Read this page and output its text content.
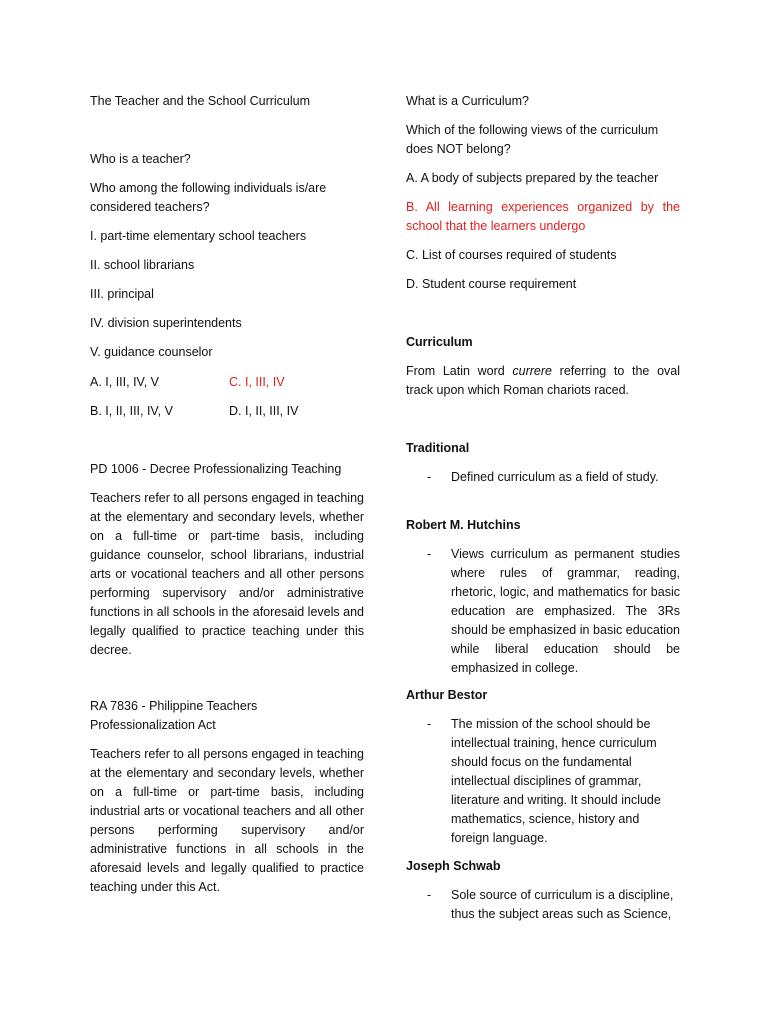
The Teacher and the School Curriculum

Who is a teacher?

Who among the following individuals is/are considered teachers?

I. part-time elementary school teachers

II. school librarians

III. principal

IV. division superintendents

V. guidance counselor

A. I, III, IV, V	C. I, III, IV
B. I, II, III, IV, V	D. I, II, III, IV

PD 1006 - Decree Professionalizing Teaching

Teachers refer to all persons engaged in teaching at the elementary and secondary levels, whether on a full-time or part-time basis, including guidance counselor, school librarians, industrial arts or vocational teachers and all other persons performing supervisory and/or administrative functions in all schools in the aforesaid levels and legally qualified to practice teaching under this decree.

RA 7836 - Philippine Teachers

Professionalization Act

Teachers refer to all persons engaged in teaching at the elementary and secondary levels, whether on a full-time or part-time basis, including industrial arts or vocational teachers and all other persons performing supervisory and/or administrative functions in all schools in the aforesaid levels and legally qualified to practice teaching under this Act.

What is a Curriculum?

Which of the following views of the curriculum does NOT belong?

A. A body of subjects prepared by the teacher

B. All learning experiences organized by the school that the learners undergo

C. List of courses required of students

D. Student course requirement

Curriculum

From Latin word currere referring to the oval track upon which Roman chariots raced.

Traditional

- Defined curriculum as a field of study.

Robert M. Hutchins

- Views curriculum as permanent studies where rules of grammar, reading, rhetoric, logic, and mathematics for basic education are emphasized. The 3Rs should be emphasized in basic education while liberal education should be emphasized in college.

Arthur Bestor

- The mission of the school should be intellectual training, hence curriculum should focus on the fundamental intellectual disciplines of grammar, literature and writing. It should include mathematics, science, history and foreign language.

Joseph Schwab

- Sole source of curriculum is a discipline, thus the subject areas such as Science,
